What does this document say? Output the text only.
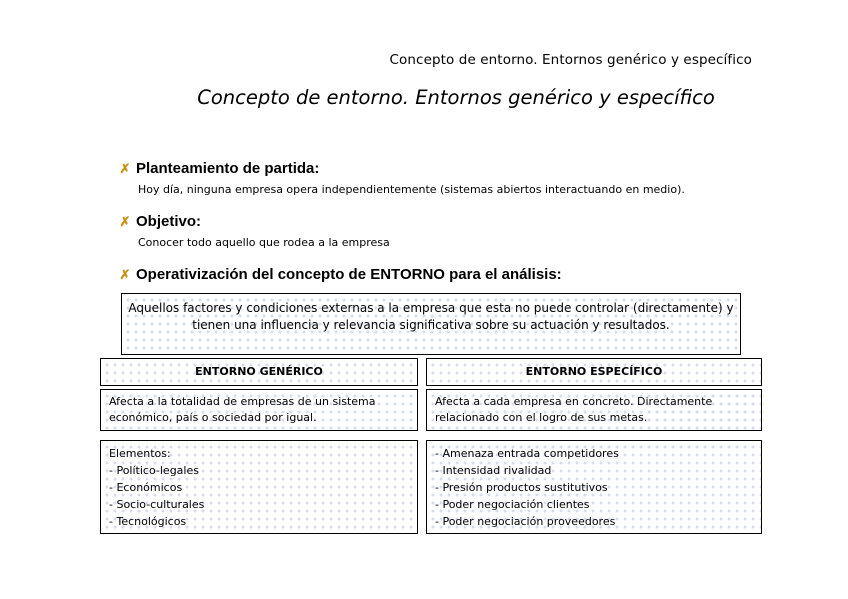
Concepto de entorno. Entornos genérico y específico
Concepto de entorno. Entornos genérico y específico
✗ Planteamiento de partida:
Hoy día, ninguna empresa opera independientemente (sistemas abiertos interactuando en medio).
✗ Objetivo:
Conocer todo aquello que rodea a la empresa
✗ Operativización del concepto de ENTORNO para el análisis:
Aquellos factores y condiciones externas a la empresa que esta no puede controlar (directamente) y
tienen una influencia y relevancia significativa sobre su actuación y resultados.
ENTORNO GENÉRICO
Afecta a la totalidad de empresas de un sistema
económico, país o sociedad por igual.
Elementos:
- Político-legales
- Económicos
- Socio-culturales
- Tecnológicos
ENTORNO ESPECÍFICO
Afecta a cada empresa en concreto. Directamente
relacionado con el logro de sus metas.
- Amenaza entrada competidores
- Intensidad rivalidad
- Presión productos sustitutivos
- Poder negociación clientes
- Poder negociación proveedores
